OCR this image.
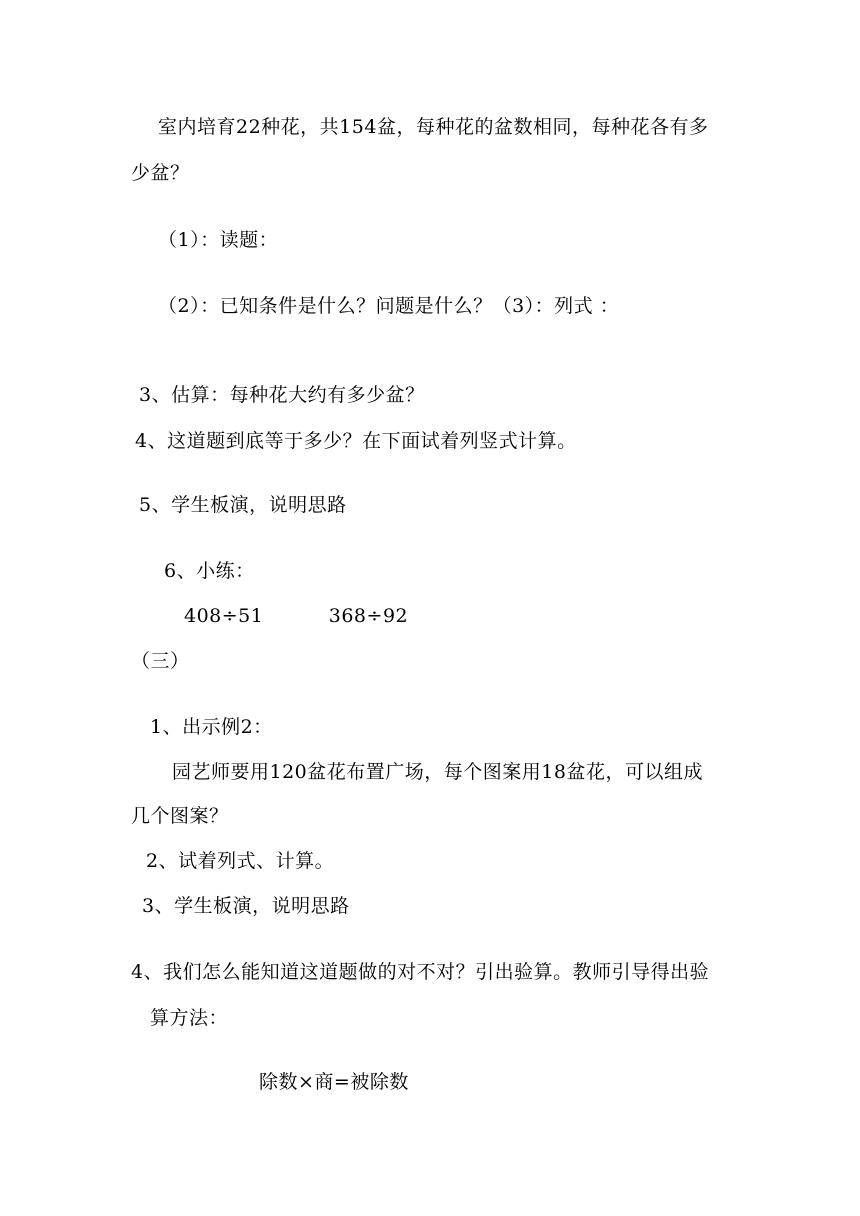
室内培育22种花，共154盆，每种花的盆数相同，每种花各有多
少盆？
（1）：读题：
（2）：已知条件是什么？问题是什么？（3）：列式 ：
3、估算：每种花大约有多少盆？
4、这道题到底等于多少？在下面试着列竖式计算。
5、学生板演，说明思路
6、小练：
408÷51          368÷92
（三）
1、出示例2：
园艺师要用120盆花布置广场，每个图案用18盆花，可以组成
几个图案？
2、试着列式、计算。
3、学生板演，说明思路
4、我们怎么能知道这道题做的对不对？引出验算。教师引导得出验
算方法：
除数×商=被除数
